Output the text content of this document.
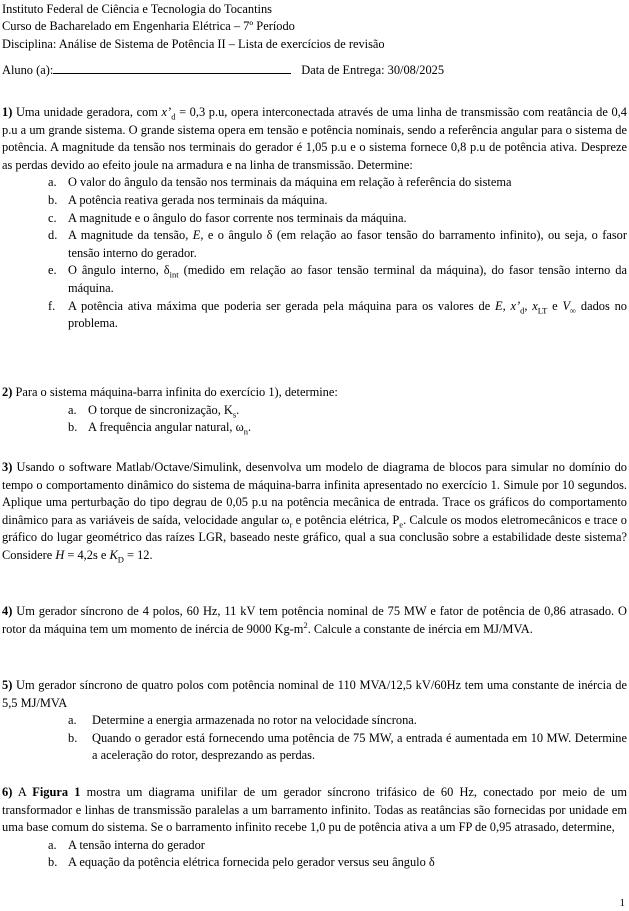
Instituto Federal de Ciência e Tecnologia do Tocantins
Curso de Bacharelado em Engenharia Elétrica – 7º Período
Disciplina: Análise de Sistema de Potência II – Lista de exercícios de revisão
Aluno (a):	Data de Entrega: 30/08/2025
1) Uma unidade geradora, com $x’_d = 0,3$ p.u, opera interconectada através de uma linha de transmissão com reatância de 0,4 p.u a um grande sistema. O grande sistema opera em tensão e potência nominais, sendo a referência angular para o sistema de potência. A magnitude da tensão nos terminais do gerador é 1,05 p.u e o sistema fornece 0,8 p.u de potência ativa. Despreze as perdas devido ao efeito joule na armadura e na linha de transmissão. Determine:
a. O valor do ângulo da tensão nos terminais da máquina em relação à referência do sistema
b. A potência reativa gerada nos terminais da máquina.
c. A magnitude e o ângulo do fasor corrente nos terminais da máquina.
d. A magnitude da tensão, E, e o ângulo δ (em relação ao fasor tensão do barramento infinito), ou seja, o fasor tensão interno do gerador.
e. O ângulo interno, $\delta_{int}$ (medido em relação ao fasor tensão terminal da máquina), do fasor tensão interno da máquina.
f. A potência ativa máxima que poderia ser gerada pela máquina para os valores de E, $x’_d$, $x_{LT}$ e $V_\infty$ dados no problema.
2) Para o sistema máquina-barra infinita do exercício 1), determine:
a. O torque de sincronização, $K_s$.
b. A frequência angular natural, $\omega_n$.
3) Usando o software Matlab/Octave/Simulink, desenvolva um modelo de diagrama de blocos para simular no domínio do tempo o comportamento dinâmico do sistema de máquina-barra infinita apresentado no exercício 1. Simule por 10 segundos. Aplique uma perturbação do tipo degrau de 0,05 p.u na potência mecânica de entrada. Trace os gráficos do comportamento dinâmico para as variáveis de saída, velocidade angular $\omega_r$ e potência elétrica, $P_e$. Calcule os modos eletromecânicos e trace o gráfico do lugar geométrico das raízes LGR, baseado neste gráfico, qual a sua conclusão sobre a estabilidade deste sistema? Considere H = 4,2s e $K_D = 12$.
4) Um gerador síncrono de 4 polos, 60 Hz, 11 kV tem potência nominal de 75 MW e fator de potência de 0,86 atrasado. O rotor da máquina tem um momento de inércia de 9000 $Kg-m^2$. Calcule a constante de inércia em MJ/MVA.
5) Um gerador síncrono de quatro polos com potência nominal de 110 MVA/12,5 kV/60Hz tem uma constante de inércia de 5,5 MJ/MVA
a. Determine a energia armazenada no rotor na velocidade síncrona.
b. Quando o gerador está fornecendo uma potência de 75 MW, a entrada é aumentada em 10 MW. Determine a aceleração do rotor, desprezando as perdas.
6) A Figura 1 mostra um diagrama unifilar de um gerador síncrono trifásico de 60 Hz, conectado por meio de um transformador e linhas de transmissão paralelas a um barramento infinito. Todas as reatâncias são fornecidas por unidade em uma base comum do sistema. Se o barramento infinito recebe 1,0 pu de potência ativa a um FP de 0,95 atrasado, determine,
a. A tensão interna do gerador
b. A equação da potência elétrica fornecida pelo gerador versus seu ângulo δ
1
